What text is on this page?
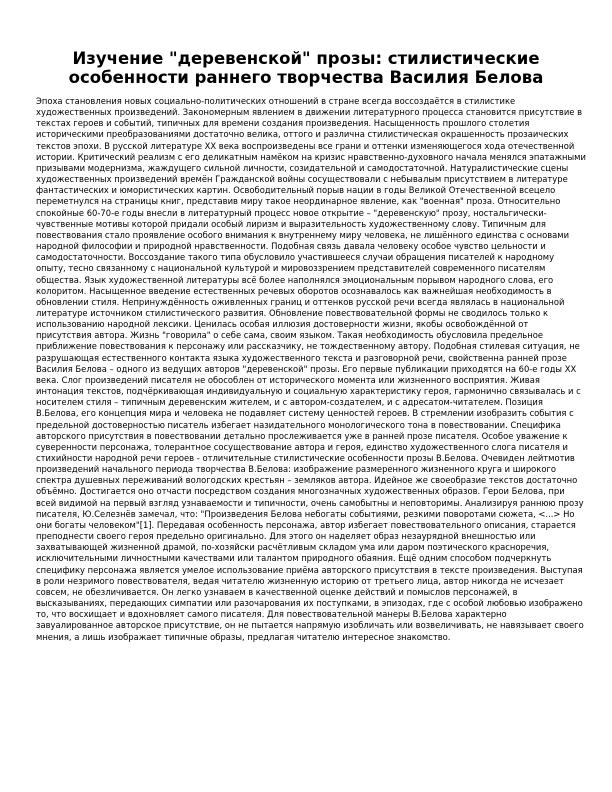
Изучение "деревенской" прозы: стилистические особенности раннего творчества Василия Белова

Эпоха становления новых социально-политических отношений в стране всегда воссоздаётся в стилистике художественных произведений. Закономерным явлением в движении литературного процесса становится присутствие в текстах героев и событий, типичных для времени создания произведения. Насыщенность прошлого столетия историческими преобразованиями достаточно велика, оттого и различна стилистическая окрашенность прозаических текстов эпохи. В русской литературе XX века воспроизведены все грани и оттенки изменяющегося хода отечественной истории. Критический реализм с его деликатным намёком на кризис нравственно-духовного начала менялся эпатажными призывами модернизма, жаждущего сильной личности, созидательной и самодостаточной. Натуралистические сцены художественных произведений времён Гражданской войны сосуществовали с небывалым присутствием в литературе фантастических и юмористических картин. Освободительный порыв нации в годы Великой Отечественной всецело переметнулся на страницы книг, представив миру такое неординарное явление, как "военная" проза. Относительно спокойные 60-70-е годы внесли в литературный процесс новое открытие – "деревенскую" прозу, ностальгически-чувственные мотивы которой придали особый лиризм и выразительность художественному слову. Типичным для повествования стало проявление особого внимания к внутреннему миру человека, не лишённого единства с основами народной философии и природной нравственности. Подобная связь давала человеку особое чувство цельности и самодостаточности. Воссоздание такого типа обусловило участившееся случаи обращения писателей к народному опыту, тесно связанному с национальной культурой и мировоззрением представителей современного писателям общества. Язык художественной литературы всё более наполнялся эмоциональным порывом народного слова, его колоритом. Насыщенное введение естественных речевых оборотов осознавалось как важнейшая необходимость в обновлении стиля. Непринуждённость оживленных границ и оттенков русской речи всегда являлась в национальной литературе источником стилистического развития. Обновление повествовательной формы не сводилось только к использованию народной лексики. Ценилась особая иллюзия достоверности жизни, якобы освобождённой от присутствия автора. Жизнь "говорила" о себе сама, своим языком. Такая необходимость обусловила предельное приближение повествования к персонажу или рассказчику, не тождественному автору. Подобная стилевая ситуация, не разрушающая естественного контакта языка художественного текста и разговорной речи, свойственна ранней прозе Василия Белова – одного из ведущих авторов "деревенской" прозы. Его первые публикации приходятся на 60-е годы XX века. Слог произведений писателя не обособлен от исторического момента или жизненного восприятия. Живая интонация текстов, подчёркивающая индивидуальную и социальную характеристику героя, гармонично связывалась и с носителем стиля – типичным деревенским жителем, и с автором-создателем, и с адресатом-читателем. Позиция В.Белова, его концепция мира и человека не подавляет систему ценностей героев. В стремлении изобразить события с предельной достоверностью писатель избегает назидательного монологического тона в повествовании. Специфика авторского присутствия в повествовании детально прослеживается уже в ранней прозе писателя. Особое уважение к суверенности персонажа, толерантное сосуществование автора и героя, единство художественного слога писателя и стихийности народной речи героев - отличительные стилистические особенности прозы В.Белова. Очевиден лейтмотив произведений начального периода творчества В.Белова: изображение размеренного жизненного круга и широкого спектра душевных переживаний вологодских крестьян – земляков автора. Идейное же своеобразие текстов достаточно объёмно. Достигается оно отчасти посредством создания многозначных художественных образов. Герои Белова, при всей видимой на первый взгляд узнаваемости и типичности, очень самобытны и неповторимы. Анализируя раннюю прозу писателя, Ю.Селезнёв замечал, что: "Произведения Белова небогаты событиями, резкими поворотами сюжета, <...> Но они богаты человеком"[1]. Передавая особенность персонажа, автор избегает повествовательного описания, старается преподнести своего героя предельно оригинально. Для этого он наделяет образ незаурядной внешностью или захватывающей жизненной драмой, по-хозяйски расчётливым складом ума или даром поэтического красноречия, исключительными личностными качествами или талантом природного обаяния. Ещё одним способом подчеркнуть специфику персонажа является умелое использование приёма авторского присутствия в тексте произведения. Выступая в роли незримого повествователя, ведая читателю жизненную историю от третьего лица, автор никогда не исчезает совсем, не обезличивается. Он легко узнаваем в качественной оценке действий и помыслов персонажей, в высказываниях, передающих симпатии или разочарования их поступками, в эпизодах, где с особой любовью изображено то, что восхищает и вдохновляет самого писателя. Для повествовательной манеры В.Белова характерно завуалированное авторское присутствие, он не пытается напрямую изобличать или возвеличивать, не навязывает своего мнения, а лишь изображает типичные образы, предлагая читателю интересное знакомство.
